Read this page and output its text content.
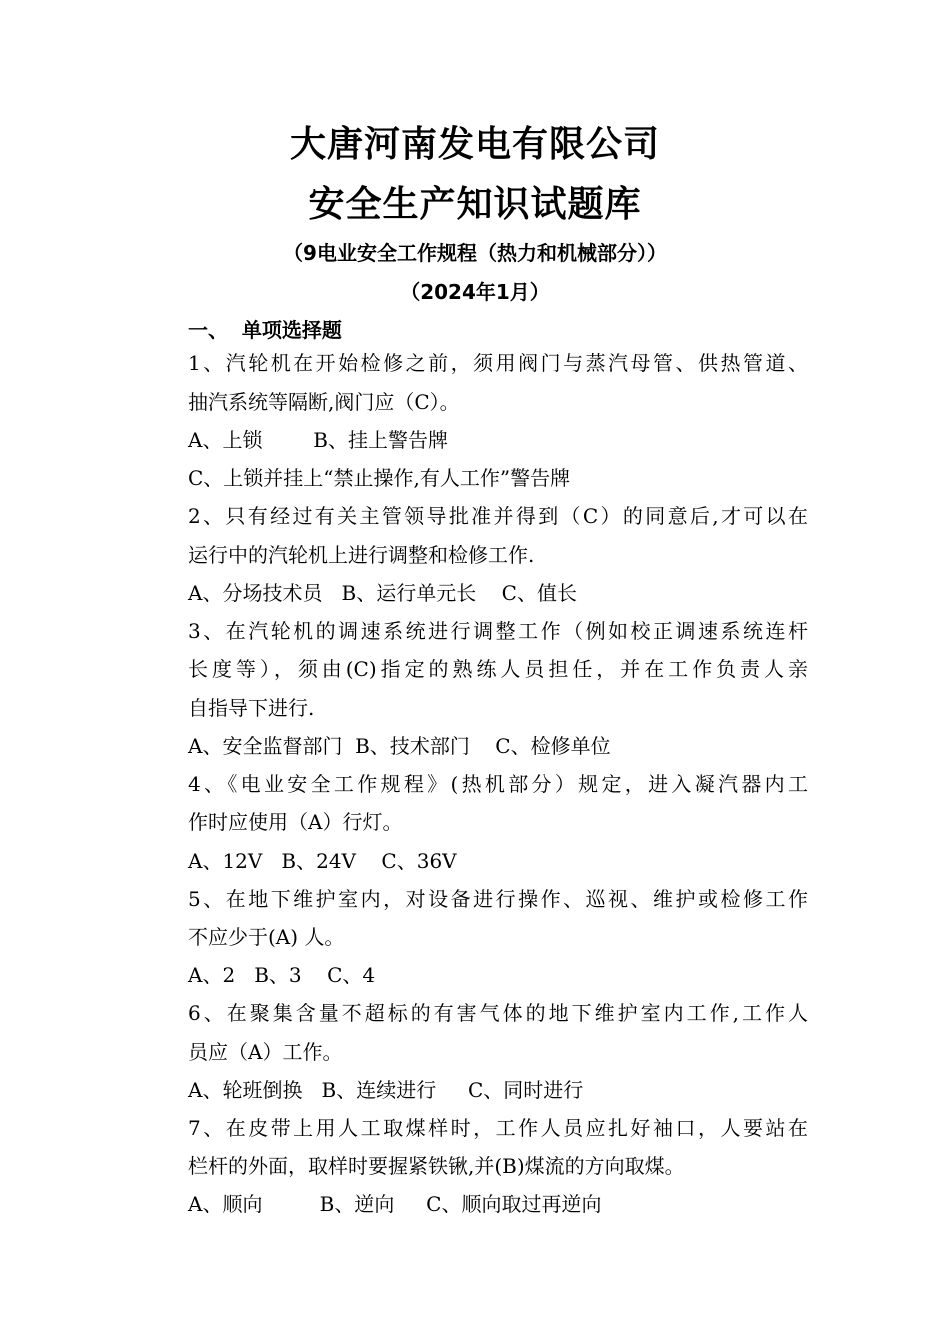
大唐河南发电有限公司
安全生产知识试题库
（9电业安全工作规程（热力和机械部分））
（2024年1月）
一、  单项选择题
1、汽轮机在开始检修之前，须用阀门与蒸汽母管、供热管道、
抽汽系统等隔断,阀门应（C）。
A、上锁        B、挂上警告牌
C、上锁并挂上“禁止操作,有人工作”警告牌
2、只有经过有关主管领导批准并得到（C）的同意后,才可以在
运行中的汽轮机上进行调整和检修工作.
A、分场技术员   B、运行单元长    C、值长
3、在汽轮机的调速系统进行调整工作（例如校正调速系统连杆
长度等），须由(C)指定的熟练人员担任，并在工作负责人亲
自指导下进行.
A、安全监督部门  B、技术部门    C、检修单位
4、《电业安全工作规程》(热机部分）规定，进入凝汽器内工
作时应使用（A）行灯。
A、12V   B、24V    C、36V
5、在地下维护室内，对设备进行操作、巡视、维护或检修工作
不应少于(A) 人。
A、2   B、3    C、4
6、在聚集含量不超标的有害气体的地下维护室内工作,工作人
员应（A）工作。
A、轮班倒换   B、连续进行     C、同时进行
7、在皮带上用人工取煤样时，工作人员应扎好袖口，人要站在
栏杆的外面，取样时要握紧铁锹,并(B)煤流的方向取煤。
A、顺向         B、逆向     C、顺向取过再逆向
